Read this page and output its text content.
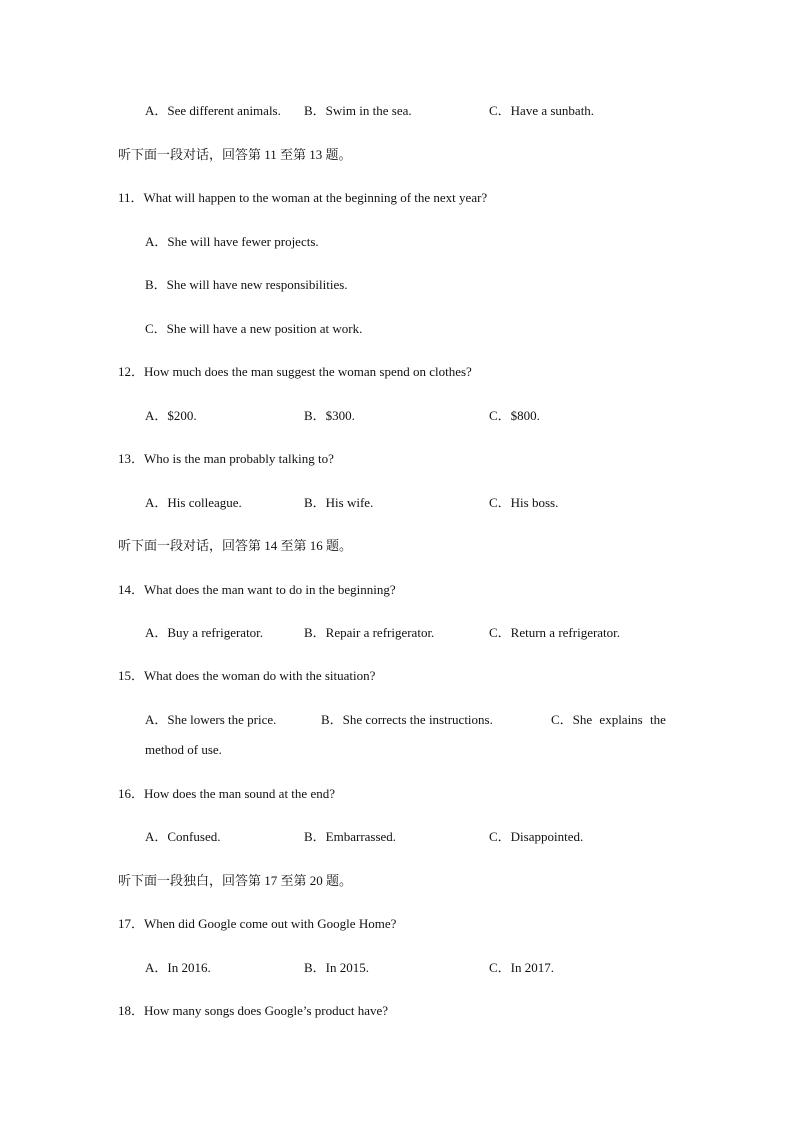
A．See different animals. B．Swim in the sea.	C．Have a sunbath.
听下面一段对话，回答第 11 至第 13 题。
11．What will happen to the woman at the beginning of the next year?
A．She will have fewer projects.
B．She will have new responsibilities.
C．She will have a new position at work.
12．How much does the man suggest the woman spend on clothes?
A．$200.	B．$300.	C．$800.
13．Who is the man probably talking to?
A．His colleague.	B．His wife.	C．His boss.
听下面一段对话，回答第 14 至第 16 题。
14．What does the man want to do in the beginning?
A．Buy a refrigerator.	B．Repair a refrigerator.	C．Return a refrigerator.
15．What does the woman do with the situation?
A．She lowers the price.	B．She corrects the instructions.	C．She explains the
method of use.
16．How does the man sound at the end?
A．Confused.	B．Embarrassed.	C．Disappointed.
听下面一段独白，回答第 17 至第 20 题。
17．When did Google come out with Google Home?
A．In 2016.	B．In 2015.	C．In 2017.
18．How many songs does Google’s product have?
